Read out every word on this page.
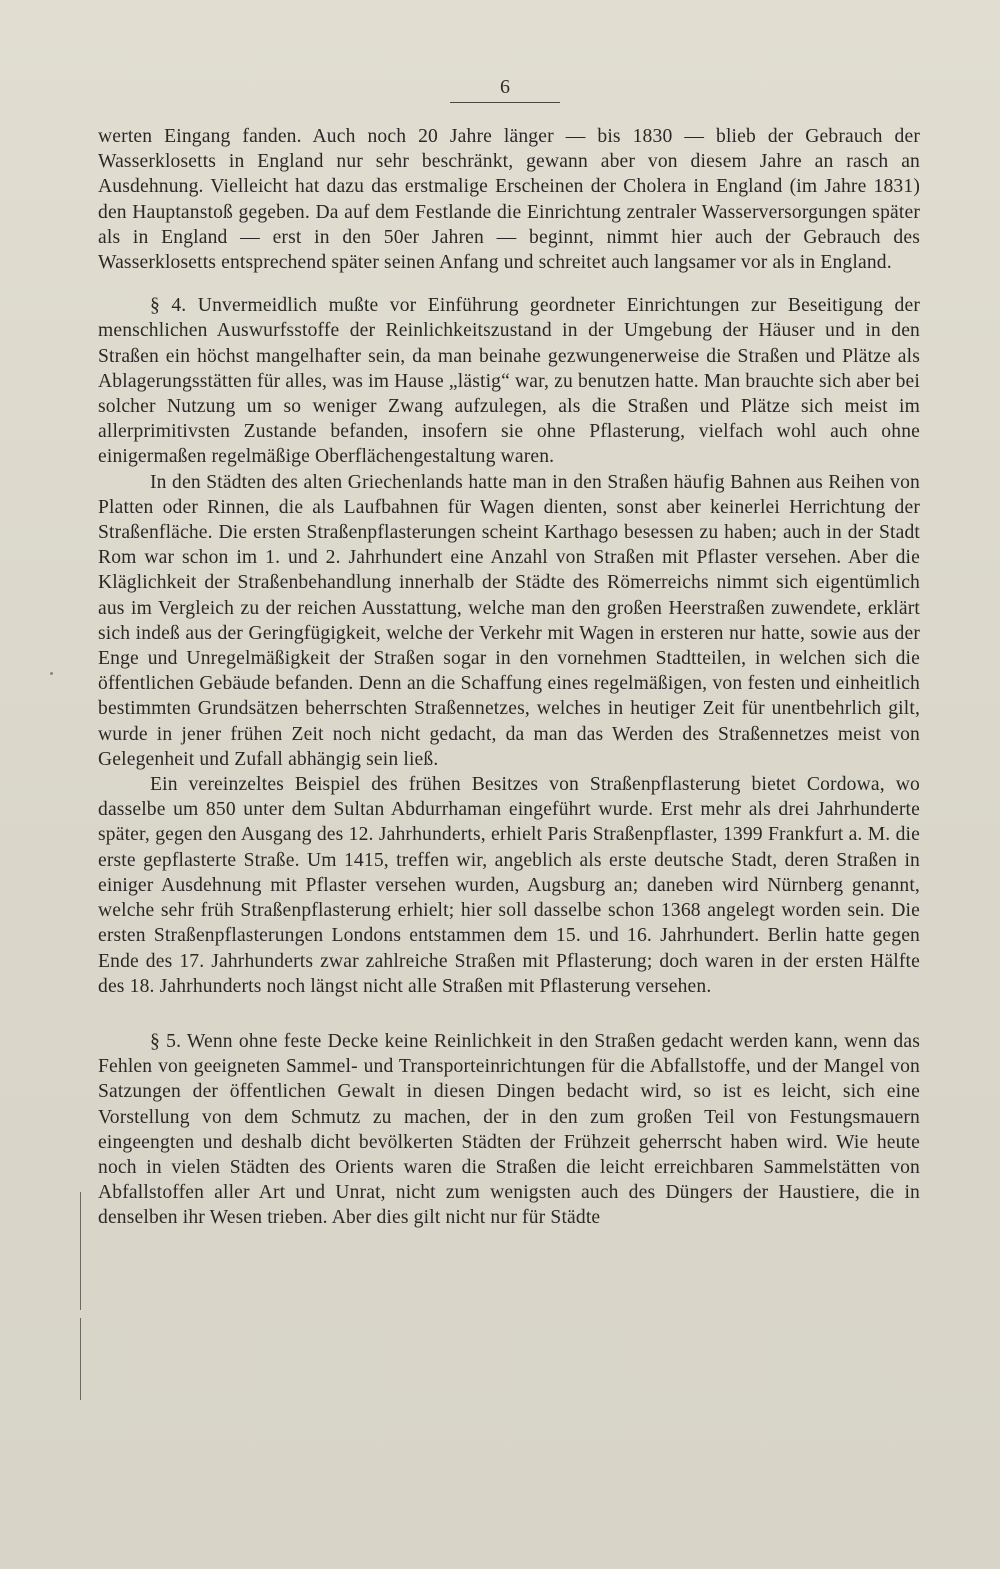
6

werten Eingang fanden. Auch noch 20 Jahre länger — bis 1830 — blieb der Gebrauch der Wasserklosetts in England nur sehr beschränkt, gewann aber von diesem Jahre an rasch an Ausdehnung. Vielleicht hat dazu das erstmalige Erscheinen der Cholera in England (im Jahre 1831) den Hauptanstoß gegeben. Da auf dem Festlande die Einrichtung zentraler Wasserversorgungen später als in England — erst in den 50er Jahren — beginnt, nimmt hier auch der Gebrauch des Wasserklosetts entsprechend später seinen Anfang und schreitet auch langsamer vor als in England.

§ 4. Unvermeidlich mußte vor Einführung geordneter Einrichtungen zur Beseitigung der menschlichen Auswurfsstoffe der Reinlichkeitszustand in der Umgebung der Häuser und in den Straßen ein höchst mangelhafter sein, da man beinahe gezwungenerweise die Straßen und Plätze als Ablagerungsstätten für alles, was im Hause „lästig“ war, zu benutzen hatte. Man brauchte sich aber bei solcher Nutzung um so weniger Zwang aufzulegen, als die Straßen und Plätze sich meist im allerprimitivsten Zustande befanden, insofern sie ohne Pflasterung, vielfach wohl auch ohne einigermaßen regelmäßige Oberflächengestaltung waren.

In den Städten des alten Griechenlands hatte man in den Straßen häufig Bahnen aus Reihen von Platten oder Rinnen, die als Laufbahnen für Wagen dienten, sonst aber keinerlei Herrichtung der Straßenfläche. Die ersten Straßenpflasterungen scheint Karthago besessen zu haben; auch in der Stadt Rom war schon im 1. und 2. Jahrhundert eine Anzahl von Straßen mit Pflaster versehen. Aber die Kläglichkeit der Straßenbehandlung innerhalb der Städte des Römerreichs nimmt sich eigentümlich aus im Vergleich zu der reichen Ausstattung, welche man den großen Heerstraßen zuwendete, erklärt sich indeß aus der Geringfügigkeit, welche der Verkehr mit Wagen in ersteren nur hatte, sowie aus der Enge und Unregelmäßigkeit der Straßen sogar in den vornehmen Stadtteilen, in welchen sich die öffentlichen Gebäude befanden. Denn an die Schaffung eines regelmäßigen, von festen und einheitlich bestimmten Grundsätzen beherrschten Straßennetzes, welches in heutiger Zeit für unentbehrlich gilt, wurde in jener frühen Zeit noch nicht gedacht, da man das Werden des Straßennetzes meist von Gelegenheit und Zufall abhängig sein ließ.

Ein vereinzeltes Beispiel des frühen Besitzes von Straßenpflasterung bietet Cordowa, wo dasselbe um 850 unter dem Sultan Abdurrhaman eingeführt wurde. Erst mehr als drei Jahrhunderte später, gegen den Ausgang des 12. Jahrhunderts, erhielt Paris Straßenpflaster, 1399 Frankfurt a. M. die erste gepflasterte Straße. Um 1415, treffen wir, angeblich als erste deutsche Stadt, deren Straßen in einiger Ausdehnung mit Pflaster versehen wurden, Augsburg an; daneben wird Nürnberg genannt, welche sehr früh Straßenpflasterung erhielt; hier soll dasselbe schon 1368 angelegt worden sein. Die ersten Straßenpflasterungen Londons entstammen dem 15. und 16. Jahrhundert. Berlin hatte gegen Ende des 17. Jahrhunderts zwar zahlreiche Straßen mit Pflasterung; doch waren in der ersten Hälfte des 18. Jahrhunderts noch längst nicht alle Straßen mit Pflasterung versehen.

§ 5. Wenn ohne feste Decke keine Reinlichkeit in den Straßen gedacht werden kann, wenn das Fehlen von geeigneten Sammel- und Transporteinrichtungen für die Abfallstoffe, und der Mangel von Satzungen der öffentlichen Gewalt in diesen Dingen bedacht wird, so ist es leicht, sich eine Vorstellung von dem Schmutz zu machen, der in den zum großen Teil von Festungsmauern eingeengten und deshalb dicht bevölkerten Städten der Frühzeit geherrscht haben wird. Wie heute noch in vielen Städten des Orients waren die Straßen die leicht erreichbaren Sammelstätten von Abfallstoffen aller Art und Unrat, nicht zum wenigsten auch des Düngers der Haustiere, die in denselben ihr Wesen trieben. Aber dies gilt nicht nur für Städte
